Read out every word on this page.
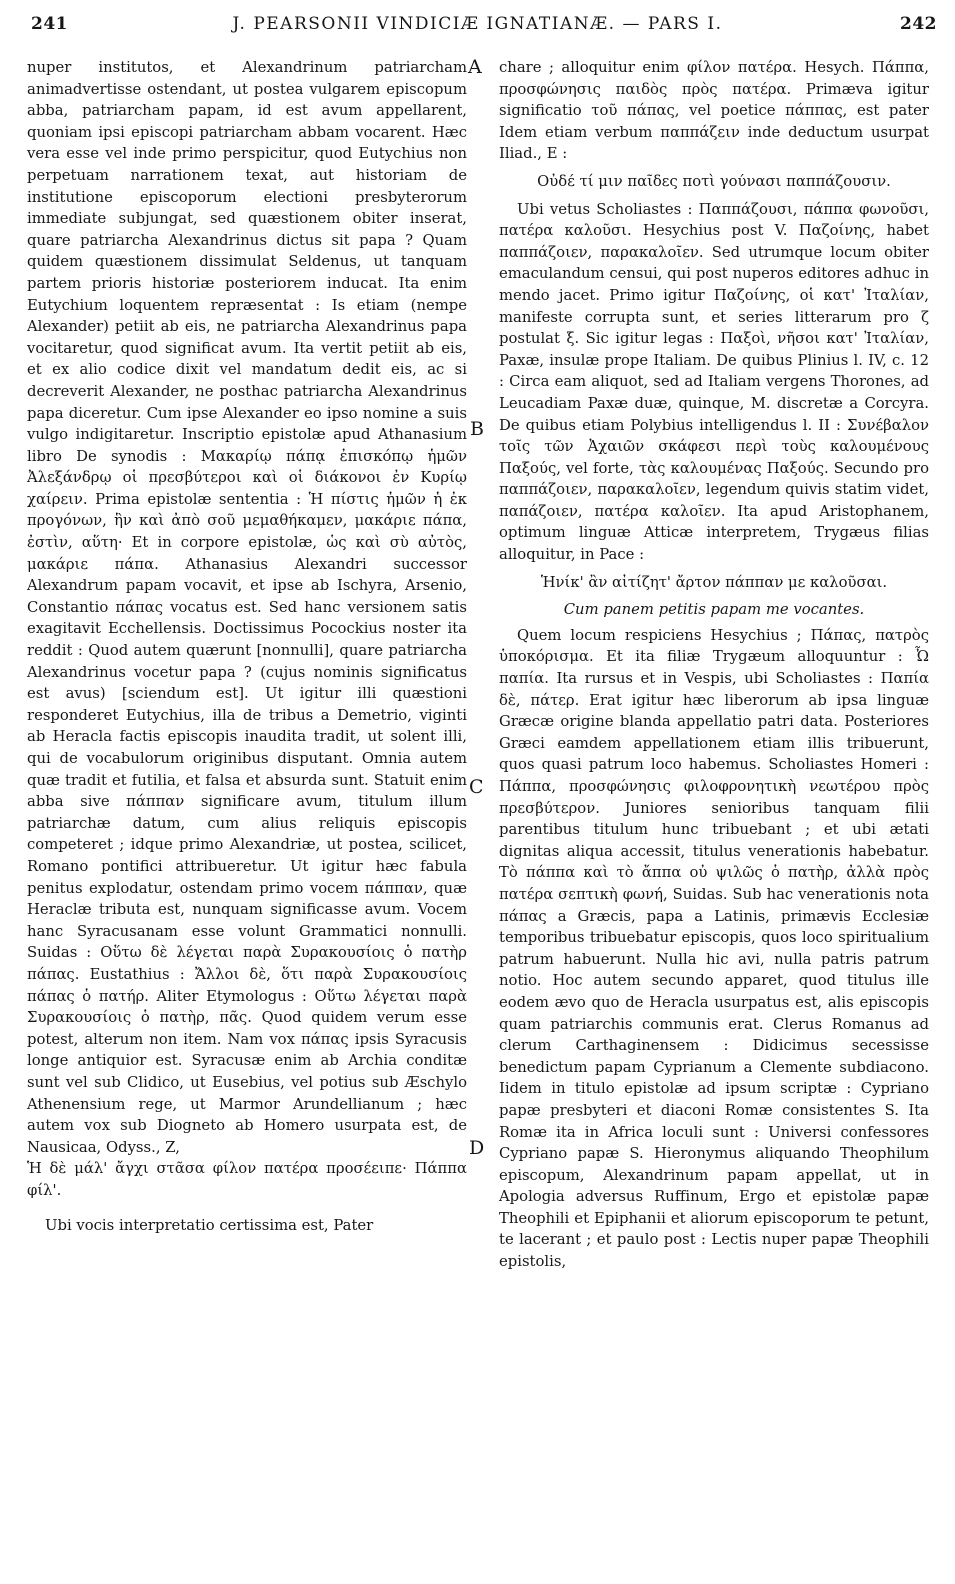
241	J. PEARSONII VINDICIÆ IGNATIANÆ. — PARS I.	242

nuper institutos, et Alexandrinum patriarcham animadvertisse ostendant, ut postea vulgarem episcopum abba, patriarcham papam, id est avum appellarent, quoniam ipsi episcopi patriarcham abbam vocarent. Hæc vera esse vel inde primo perspicitur, quod Eutychius non perpetuam narrationem texat, aut historiam de institutione episcoporum electioni presbyterorum immediate subjungat, sed quæstionem obiter inserat, quare patriarcha Alexandrinus dictus sit papa ? Quam quidem quæstionem dissimulat Seldenus, ut tanquam partem prioris historiæ posteriorem inducat. Ita enim Eutychium loquentem repræsentat : Is etiam (nempe Alexander) petiit ab eis, ne patriarcha Alexandrinus papa vocitaretur, quod significat avum. Ita vertit petiit ab eis, et ex alio codice dixit vel mandatum dedit eis, ac si decreverit Alexander, ne posthac patriarcha Alexandrinus papa diceretur. Cum ipse Alexander eo ipso nomine a suis vulgo indigitaretur. Inscriptio epistolæ apud Athanasium libro De synodis : Μακαρίῳ πάπᾳ ἐπισκόπῳ ἡμῶν Ἀλεξάνδρῳ οἱ πρεσβύτεροι καὶ οἱ διάκονοι ἐν Κυρίῳ χαίρειν. Prima epistolæ sententia : Ἡ πίστις ἡμῶν ἡ ἐκ προγόνων, ἣν καὶ ἀπὸ σοῦ μεμαθήκαμεν, μακάριε πάπα, ἐστὶν, αὕτη· Et in corpore epistolæ, ὡς καὶ σὺ αὐτὸς, μακάριε πάπα. Athanasius Alexandri successor Alexandrum papam vocavit, et ipse ab Ischyra, Arsenio, Constantio πάπας vocatus est. Sed hanc versionem satis exagitavit Ecchellensis. Doctissimus Pocockius noster ita reddit : Quod autem quærunt [nonnulli], quare patriarcha Alexandrinus vocetur papa ? (cujus nominis significatus est avus) [sciendum est]. Ut igitur illi quæstioni responderet Eutychius, illa de tribus a Demetrio, viginti ab Heracla factis episcopis inaudita tradit, ut solent illi, qui de vocabulorum originibus disputant. Omnia autem quæ tradit et futilia, et falsa et absurda sunt. Statuit enim abba sive πάππαν significare avum, titulum illum patriarchæ datum, cum alius reliquis episcopis competeret ; idque primo Alexandriæ, ut postea, scilicet, Romano pontifici attribueretur. Ut igitur hæc fabula penitus explodatur, ostendam primo vocem πάππαν, quæ Heraclæ tributa est, nunquam significasse avum. Vocem hanc Syracusanam esse volunt Grammatici nonnulli. Suidas : Οὕτω δὲ λέγεται παρὰ Συρακουσίοις ὁ πατὴρ πάπας. Eustathius : Ἄλλοι δὲ, ὅτι παρὰ Συρακουσίοις πάπας ὁ πατήρ. Aliter Etymologus : Οὕτω λέγεται παρὰ Συρακουσίοις ὁ πατὴρ, πᾶς. Quod quidem verum esse potest, alterum non item. Nam vox πάπας ipsis Syracusis longe antiquior est. Syracusæ enim ab Archia conditæ sunt vel sub Clidico, ut Eusebius, vel potius sub Æschylo Athenensium rege, ut Marmor Arundellianum ; hæc autem vox sub Diogneto ab Homero usurpata est, de Nausicaa, Odyss., Z,

Ἡ δὲ μάλ' ἄγχι στᾶσα φίλον πατέρα προσέειπε· Πάππα φίλ'.

Ubi vocis interpretatio certissima est, Pater

A
B
C
D

chare ; alloquitur enim φίλον πατέρα. Hesych. Πάππα, προσφώνησις παιδὸς πρὸς πατέρα. Primæva igitur significatio τοῦ πάπας, vel poetice πάππας, est pater Idem etiam verbum παππάζειν inde deductum usurpat Iliad., E :

Οὐδέ τί μιν παῖδες ποτὶ γούνασι παππάζουσιν.

Ubi vetus Scholiastes : Παππάζουσι, πάππα φωνοῦσι, πατέρα καλοῦσι. Hesychius post V. Παζοίνης, habet παππάζοιεν, παρακαλοῖεν. Sed utrumque locum obiter emaculandum censui, qui post nuperos editores adhuc in mendo jacet. Primo igitur Παζοίνης, οἱ κατ' Ἰταλίαν, manifeste corrupta sunt, et series litterarum pro ζ postulat ξ. Sic igitur legas : Παξοὶ, νῆσοι κατ' Ἰταλίαν, Paxæ, insulæ prope Italiam. De quibus Plinius l. IV, c. 12 : Circa eam aliquot, sed ad Italiam vergens Thorones, ad Leucadiam Paxæ duæ, quinque, M. discretæ a Corcyra. De quibus etiam Polybius intelligendus l. II : Συνέβαλον τοῖς τῶν Ἀχαιῶν σκάφεσι περὶ τοὺς καλουμένους Παξούς, vel forte, τὰς καλουμένας Παξούς. Secundo pro παππάζοιεν, παρακαλοῖεν, legendum quivis statim videt, παπάζοιεν, πατέρα καλοῖεν. Ita apud Aristophanem, optimum linguæ Atticæ interpretem, Trygæus filias alloquitur, in Pace :

Ἡνίκ' ἂν αἰτίζητ' ἄρτον πάππαν με καλοῦσαι.

Cum panem petitis papam me vocantes.

Quem locum respiciens Hesychius ; Πάπας, πατρὸς ὑποκόρισμα. Et ita filiæ Trygæum alloquuntur : Ὦ παπία. Ita rursus et in Vespis, ubi Scholiastes : Παπία δὲ, πάτερ. Erat igitur hæc liberorum ab ipsa linguæ Græcæ origine blanda appellatio patri data. Posteriores Græci eamdem appellationem etiam illis tribuerunt, quos quasi patrum loco habemus. Scholiastes Homeri : Πάππα, προσφώνησις φιλοφρονητικὴ νεωτέρου πρὸς πρεσβύτερον. Juniores senioribus tanquam filii parentibus titulum hunc tribuebant ; et ubi ætati dignitas aliqua accessit, titulus venerationis habebatur. Τὸ πάππα καὶ τὸ ἄππα οὐ ψιλῶς ὁ πατὴρ, ἀλλὰ πρὸς πατέρα σεπτικὴ φωνή, Suidas. Sub hac venerationis nota πάπας a Græcis, papa a Latinis, primævis Ecclesiæ temporibus tribuebatur episcopis, quos loco spiritualium patrum habuerunt. Nulla hic avi, nulla patris patrum notio. Hoc autem secundo apparet, quod titulus ille eodem ævo quo de Heracla usurpatus est, alis episcopis quam patriarchis communis erat. Clerus Romanus ad clerum Carthaginensem : Didicimus secessisse benedictum papam Cyprianum a Clemente subdiacono. Iidem in titulo epistolæ ad ipsum scriptæ : Cypriano papæ presbyteri et diaconi Romæ consistentes S. Ita Romæ ita in Africa loculi sunt : Universi confessores Cypriano papæ S. Hieronymus aliquando Theophilum episcopum, Alexandrinum papam appellat, ut in Apologia adversus Ruffinum, Ergo et epistolæ papæ Theophili et Epiphanii et aliorum episcoporum te petunt, te lacerant ; et paulo post : Lectis nuper papæ Theophili epistolis,
